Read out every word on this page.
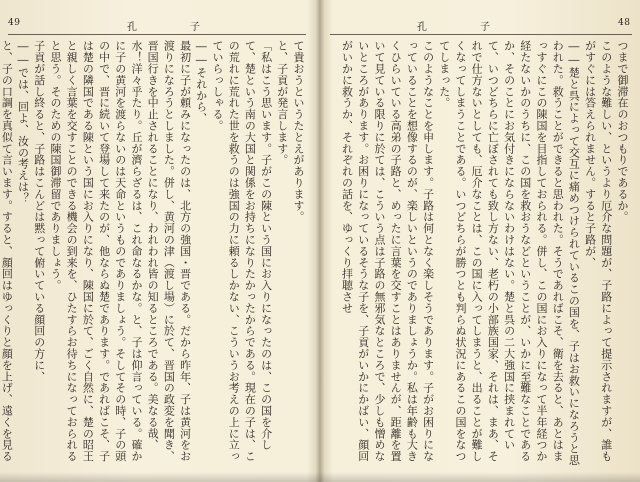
49	孔	子

て貴おうというたとえがあります。

と、子貢が発言します。

「私はこう思います。子がこの陳という国にお入りになったのは、この国を介して、楚という南の大国と関係をお持ちになりたかったからである。現在の子は、この荒れに荒れた世を救うのは強国の力に頼るしかない、こういうお考えの上に立っていらっしゃる。

――それから、

最初に子が頼みになったのは、北方の強国・晋である。だから昨年、子は黄河をお渡りになろうとしました。併し、黄河の津（渡し場）に於て、晋国の政変を聞き、晋国行きを中止されることになり、われわれ皆の知るところである。美なる哉、水！洋々乎たり。丘が濟らざるは、これ命なるかな。と、子は仰言っている。確かに子の黄河を渡らないのは天命というものでありましょう。そしてその時、子の頭の中で、晋に続いて登場して来たのが、他ならぬ楚であります。であればこそ、子は楚の隣国である陳という国にお入りになり、陳国に於て、ごく自然に、楚の昭王と親しく言葉を交すことのできる機会の到来を、ひたすらお待ちになっておられると思う。そのための陳国御滞留でありましょう。

子貢が話し終ると、子路はこんどは黙って俯いている顔回の方に、

――では、回よ、汝の考えは？

と、子の口調を真似て言います。すると、顔回はゆっくりと顔を上げ、遠くを見る

孔	子	48

つまで御滞在のおつもりであるか。

このような難しい、というより厄介な問題が、子路によって提示されますが、誰もがすぐには答えられません。すると子路が、

――楚と呉によって交互に痛めつけられているこの国を、子はお救いになろうと思われた。救うことができると思われた。そうであればこそ、衛を去ると、あとはまっすぐにこの陳国を目指しておられる。併し、この国にお入りになって半年経つか経たないかのうちに、この国を救おうなどということが、いかに至難なことであるか、そのことにお気付きにならないわけはない。楚と呉の二大強国に挟まれていて、いつどちらに亡ぼされても致し方ない、老朽の小部族国家、それは、まあ、それで仕方ないとしても、厄介なことは、この国に入ってしまうと、出ることが難しくなってしまうことである。いつどちらが勝つとも判らぬ状況にあるこの国をなつてしまった。

このようなことを申します。子路は何となく楽しそうであります。子がお困りになっていることを想像するのが、楽しいというのでありましょうか。私は年齢も大きくひらいている高弟の子路と、めったに言葉を交すことはありませんが、距離を置いて見ている限りに於ては、こういう点は子路の無邪気なところで、少しも憎めないところがあります。お困りになっているそうな子を、子貢がいかにかばい、顔回がいかに救うか、それぞれの話を、ゆっくり拝聴させ
